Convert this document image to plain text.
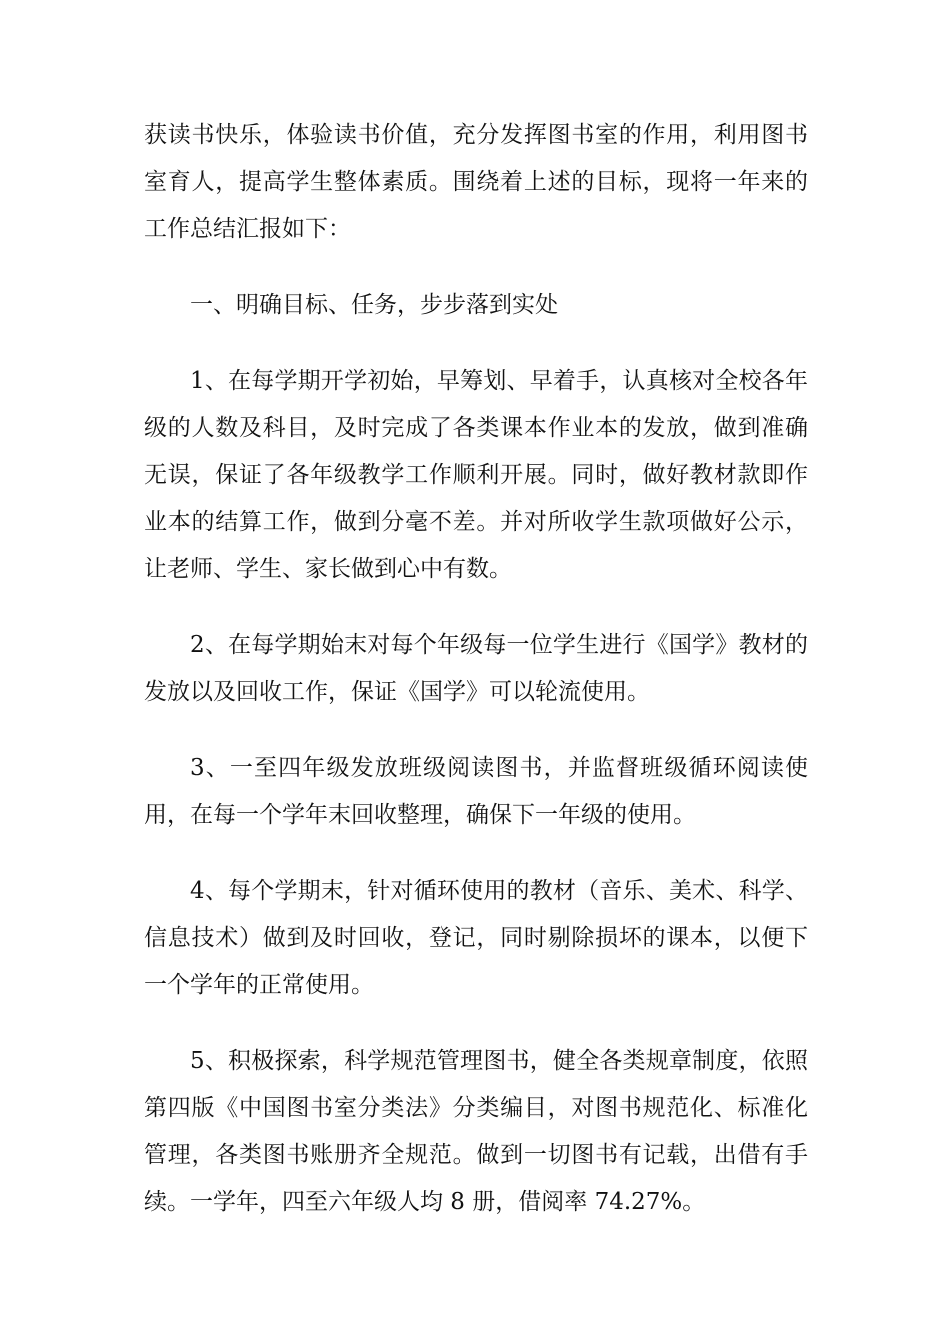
获读书快乐，体验读书价值，充分发挥图书室的作用，利用图书室育人，提高学生整体素质。围绕着上述的目标，现将一年来的工作总结汇报如下：

一、明确目标、任务，步步落到实处

1、在每学期开学初始，早筹划、早着手，认真核对全校各年级的人数及科目，及时完成了各类课本作业本的发放，做到准确无误，保证了各年级教学工作顺利开展。同时，做好教材款即作业本的结算工作，做到分毫不差。并对所收学生款项做好公示，让老师、学生、家长做到心中有数。

2、在每学期始末对每个年级每一位学生进行《国学》教材的发放以及回收工作，保证《国学》可以轮流使用。

3、一至四年级发放班级阅读图书，并监督班级循环阅读使用，在每一个学年末回收整理，确保下一年级的使用。

4、每个学期末，针对循环使用的教材（音乐、美术、科学、信息技术）做到及时回收，登记，同时剔除损坏的课本，以便下一个学年的正常使用。

5、积极探索，科学规范管理图书，健全各类规章制度，依照第四版《中国图书室分类法》分类编目，对图书规范化、标准化管理，各类图书账册齐全规范。做到一切图书有记载，出借有手续。一学年，四至六年级人均 8 册，借阅率 74.27%。
